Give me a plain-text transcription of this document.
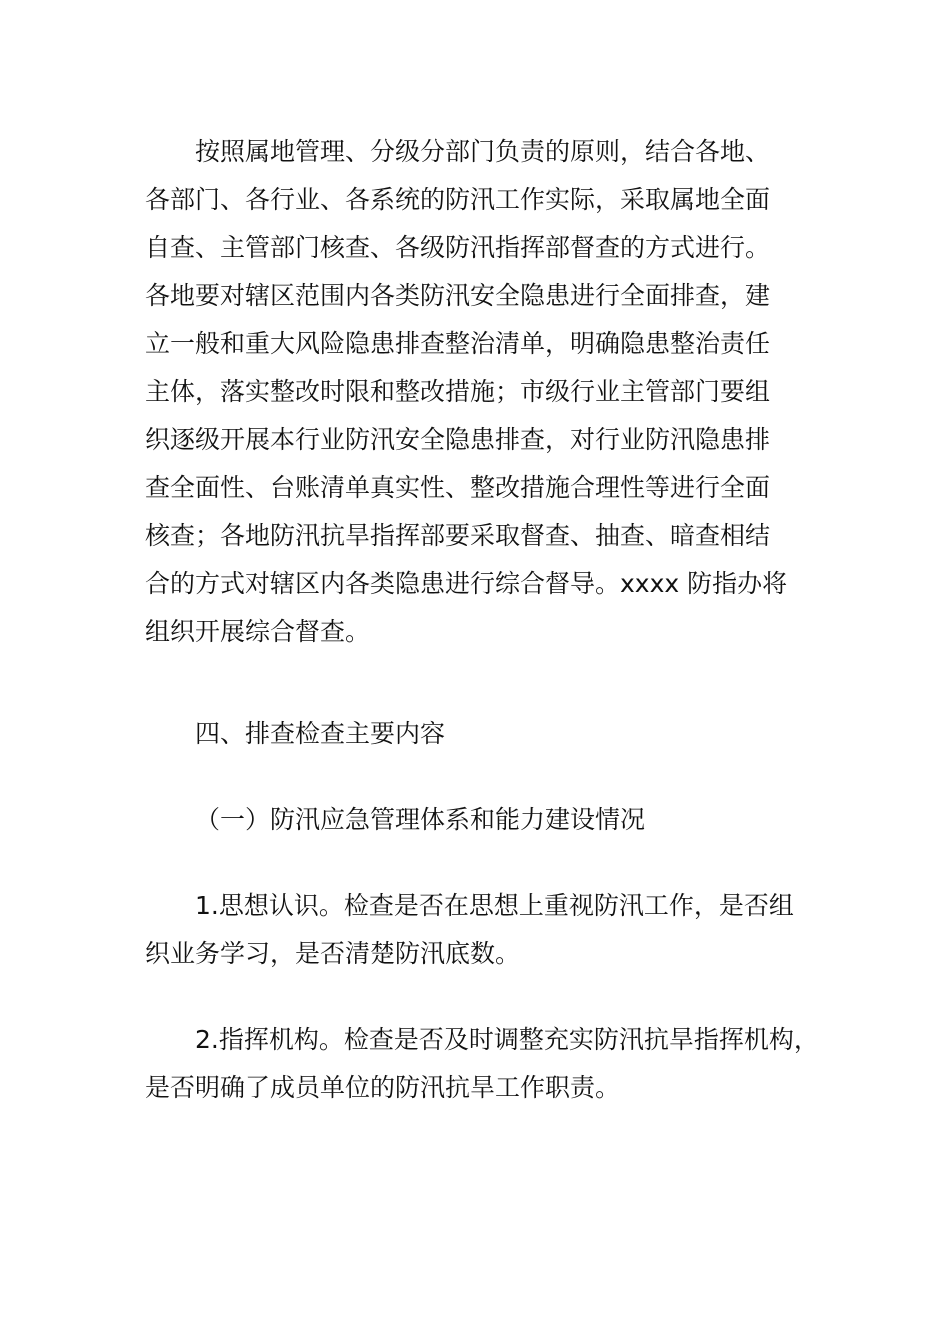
按照属地管理、分级分部门负责的原则，结合各地、
各部门、各行业、各系统的防汛工作实际，采取属地全面
自查、主管部门核查、各级防汛指挥部督查的方式进行。
各地要对辖区范围内各类防汛安全隐患进行全面排查，建
立一般和重大风险隐患排查整治清单，明确隐患整治责任
主体，落实整改时限和整改措施；市级行业主管部门要组
织逐级开展本行业防汛安全隐患排查，对行业防汛隐患排
查全面性、台账清单真实性、整改措施合理性等进行全面
核查；各地防汛抗旱指挥部要采取督查、抽查、暗查相结
合的方式对辖区内各类隐患进行综合督导。xxxx 防指办将
组织开展综合督查。
四、排查检查主要内容
（一）防汛应急管理体系和能力建设情况
1.思想认识。检查是否在思想上重视防汛工作，是否组
织业务学习，是否清楚防汛底数。
2.指挥机构。检查是否及时调整充实防汛抗旱指挥机构，
是否明确了成员单位的防汛抗旱工作职责。
